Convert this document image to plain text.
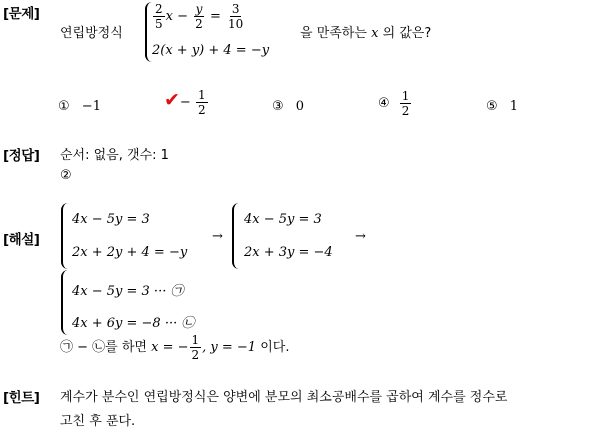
[문제]
연립방정식
$\frac{2}{5}$ $x - \frac{y}{2} = \frac{3}{10}$
2(x + y) + 4 = −y
을 만족하는 x 의 값은?
① −1	✔− $\frac{1}{2}$	③ 0	④ $\frac{1}{2}$	⑤ 1
[정답] 순서: 없음, 갯수: 1
②
[해설]
4x − 5y = 3
2x + 2y + 4 = −y
→
4x − 5y = 3
2x + 3y = −4
→
4x − 5y = 3 ··· ㉠
4x + 6y = −8 ··· ㉡
㉠ − ㉡를 하면 x = − $\frac{1}{2}$ , y = −1 이다.
[힌트] 계수가 분수인 연립방정식은 양변에 분모의 최소공배수를 곱하여 계수를 정수로
고친 후 푼다.
